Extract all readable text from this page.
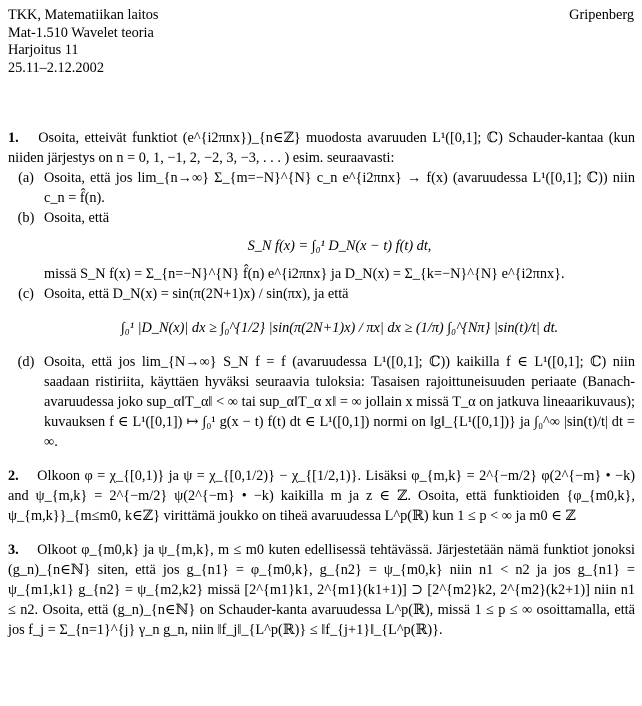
TKK, Matematiikan laitos
Mat-1.510 Wavelet teoria
Harjoitus 11
25.11–2.12.2002
Gripenberg

1. Osoita, etteivät funktiot (e^{i2πnx})_{n∈ℤ} muodosta avaruuden L¹([0,1]; ℂ) Schauder-kantaa (kun niiden järjestys on n = 0, 1, −1, 2, −2, 3, −3, . . . ) esim. seuraavasti:

(a) Osoita, että jos lim_{n→∞} Σ_{m=−N}^{N} c_n e^{i2πnx} → f(x) (avaruudessa L¹([0,1]; ℂ)) niin c_n = f̂(n).
(b) Osoita, että
S_N f(x) = ∫₀¹ D_N(x − t) f(t) dt,
missä S_N f(x) = Σ_{n=−N}^{N} f̂(n) e^{i2πnx} ja D_N(x) = Σ_{k=−N}^{N} e^{i2πnx}.
(c) Osoita, että D_N(x) = sin(π(2N+1)x) / sin(πx), ja että
∫₀¹ |D_N(x)| dx ≥ ∫₀^{1/2} |sin(π(2N+1)x) / πx| dx ≥ (1/π) ∫₀^{Nπ} |sin(t)/t| dt.
(d) Osoita, että jos lim_{N→∞} S_N f = f (avaruudessa L¹([0,1]; ℂ)) kaikilla f ∈ L¹([0,1]; ℂ) niin saadaan ristiriita, käyttäen hyväksi seuraavia tuloksia: Tasaisen rajoittuneisuuden periaate (Banach-avaruudessa joko sup_α‖T_α‖ < ∞ tai sup_α‖T_α x‖ = ∞ jollain x missä T_α on jatkuva lineaarikuvaus); kuvauksen f ∈ L¹([0,1]) ↦ ∫₀¹ g(x − t) f(t) dt ∈ L¹([0,1]) normi on ‖g‖_{L¹([0,1])} ja ∫₀^∞ |sin(t)/t| dt = ∞.

2. Olkoon φ = χ_{[0,1)} ja ψ = χ_{[0,1/2)} − χ_{[1/2,1)}. Lisäksi φ_{m,k} = 2^{−m/2} φ(2^{−m} • −k) and ψ_{m,k} = 2^{−m/2} ψ(2^{−m} • −k) kaikilla m ja z ∈ ℤ. Osoita, että funktioiden {φ_{m0,k}, ψ_{m,k}}_{m≤m0, k∈ℤ} virittämä joukko on tiheä avaruudessa L^p(ℝ) kun 1 ≤ p < ∞ ja m0 ∈ ℤ

3. Olkoot φ_{m0,k} ja ψ_{m,k}, m ≤ m0 kuten edellisessä tehtävässä. Järjestetään nämä funktiot jonoksi (g_n)_{n∈ℕ} siten, että jos g_{n1} = φ_{m0,k}, g_{n2} = ψ_{m0,k} niin n1 < n2 ja jos g_{n1} = ψ_{m1,k1} g_{n2} = ψ_{m2,k2} missä [2^{m1}k1, 2^{m1}(k1+1)] ⊃ [2^{m2}k2, 2^{m2}(k2+1)] niin n1 ≤ n2. Osoita, että (g_n)_{n∈ℕ} on Schauder-kanta avaruudessa L^p(ℝ), missä 1 ≤ p ≤ ∞ osoittamalla, että jos f_j = Σ_{n=1}^{j} γ_n g_n, niin ‖f_j‖_{L^p(ℝ)} ≤ ‖f_{j+1}‖_{L^p(ℝ)}.
